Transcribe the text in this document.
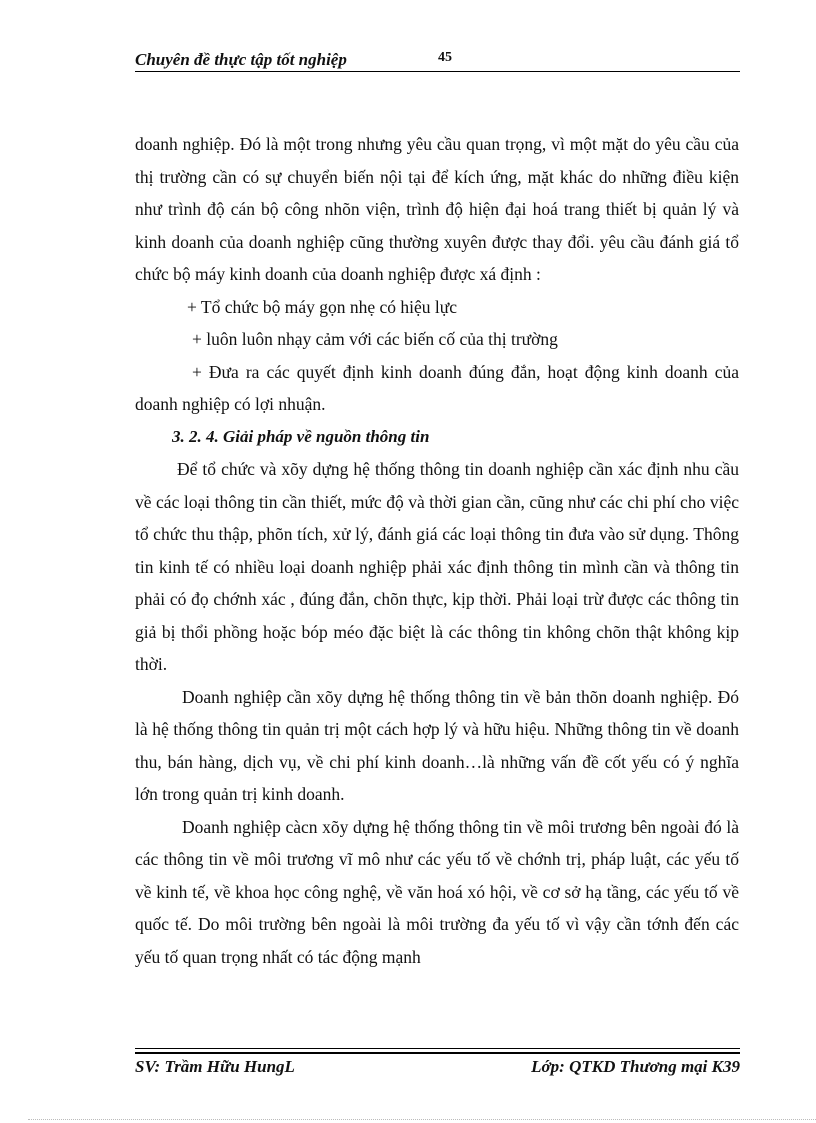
Chuyên đề thực tập tốt nghiệp	45

doanh nghiệp. Đó là một trong nhưng yêu cầu quan trọng, vì một mặt do yêu cầu của thị trường cần có sự chuyển biến nội tại để kích ứng, mặt khác do những điều kiện như trình độ cán bộ công nhõn viện, trình độ hiện đại hoá trang thiết bị quản lý và kinh doanh của doanh nghiệp cũng thường xuyên được thay đổi. yêu cầu đánh giá tổ chức bộ máy kinh doanh của doanh nghiệp được xá định :

+ Tổ chức bộ máy gọn nhẹ có hiệu lực

+ luôn luôn nhạy cảm với các biến cố của thị trường

+ Đưa ra các quyết định kinh doanh đúng đắn, hoạt động kinh doanh của doanh nghiệp có lợi nhuận.

3. 2. 4. Giải pháp về nguồn thông tin

Để tổ chức và xõy dựng hệ thống thông tin doanh nghiệp cần xác định nhu cầu về các loại thông tin cần thiết, mức độ và thời gian cần, cũng như các chi phí cho việc tổ chức thu thập, phõn tích, xử lý, đánh giá các loại thông tin đưa vào sử dụng. Thông tin kinh tế có nhiều loại doanh nghiệp phải xác định thông tin mình cần và thông tin phải có đọ chớnh xác , đúng đắn, chõn thực, kịp thời. Phải loại trừ được các thông tin giả bị thổi phồng hoặc bóp méo đặc biệt là các thông tin không chõn thật không kịp thời.

Doanh nghiệp cần xõy dựng hệ thống thông tin về bản thõn doanh nghiệp. Đó là hệ thống thông tin quản trị một cách hợp lý và hữu hiệu. Những thông tin về doanh thu, bán hàng, dịch vụ, về chi phí kinh doanh…là những vấn đề cốt yếu có ý nghĩa lớn trong quản trị kinh doanh.

Doanh nghiệp càcn xõy dựng hệ thống thông tin về môi trương bên ngoài đó là các thông tin về môi trương vĩ mô như các yếu tố về chớnh trị, pháp luật, các yếu tố về kinh tế, về khoa học công nghệ, về văn hoá xó hội, về cơ sở hạ tầng, các yếu tố về quốc tế. Do môi trường bên ngoài là môi trường đa yếu tố vì vậy cần tớnh đến các yếu tố quan trọng nhất có tác động mạnh

SV: Trầm Hữu HungL	Lớp: QTKD Thương mại K39
